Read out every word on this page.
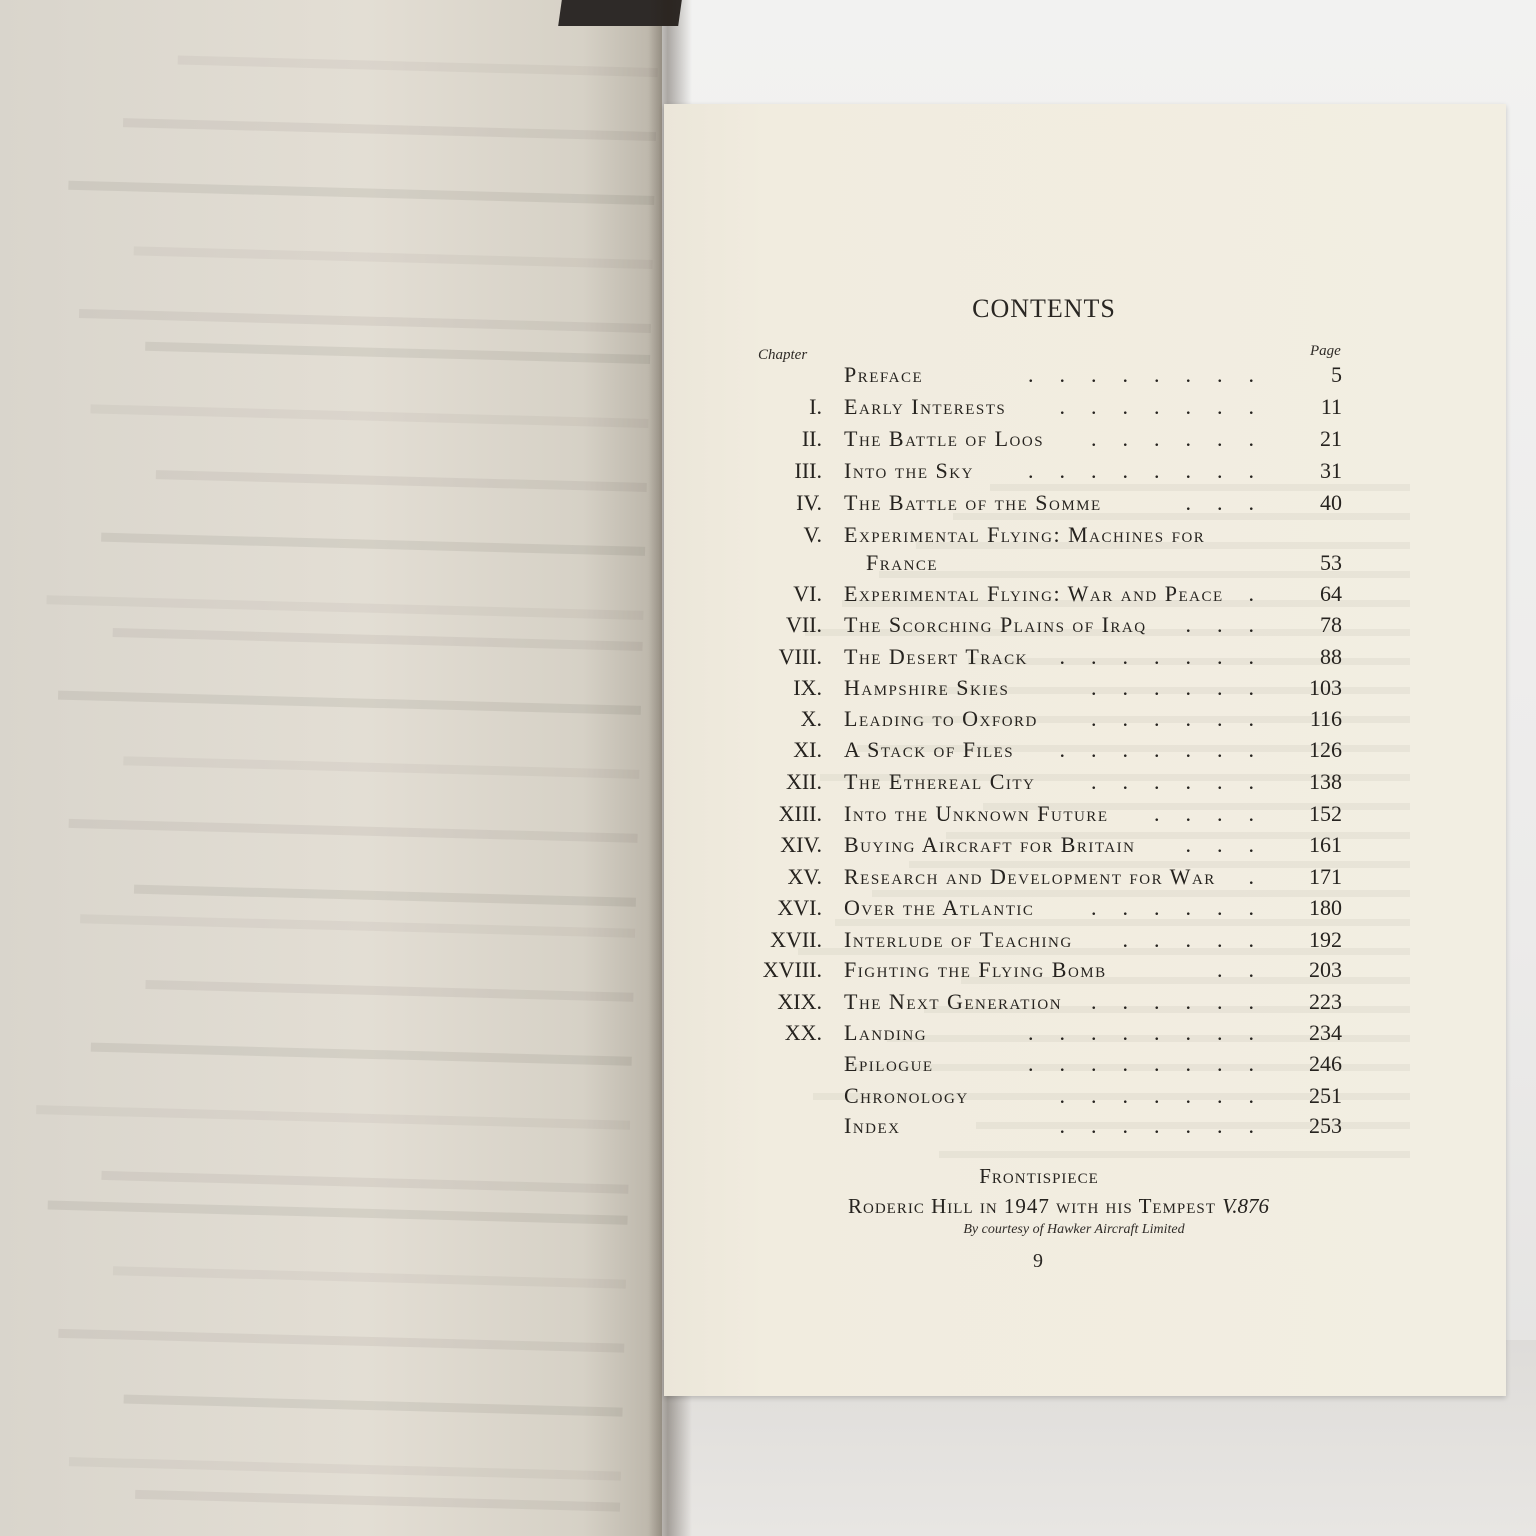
CONTENTS
Chapter	Page
Preface	........ 5
I. Early Interests ....... 11
II. The Battle of Loos ...... 21
III. Into the Sky ........ 31
IV. The Battle of the Somme	... 40
V. Experimental Flying: Machines for
France	53
VI. Experimental Flying: War and Peace . 64
VII. The Scorching Plains of Iraq ... 78
VIII. The Desert Track ....... 88
IX. Hampshire Skies	...... 103
X. Leading to Oxford ...... 116
XI. A Stack of Files ....... 126
XII. The Ethereal City	...... 138
XIII. Into the Unknown Future .... 152
XIV. Buying Aircraft for Britain ... 161
XV. Research and Development for War . 171
XVI. Over the Atlantic	...... 180
XVII. Interlude of Teaching ..... 192
XVIII. Fighting the Flying Bomb	.. 203
XIX. The Next Generation ...... 223
XX. Landing	........ 234
Epilogue	........ 246
Chronology	....... 251
Index	....... 253
Frontispiece
Roderic Hill in 1947 with his Tempest V.876
By courtesy of Hawker Aircraft Limited
9
